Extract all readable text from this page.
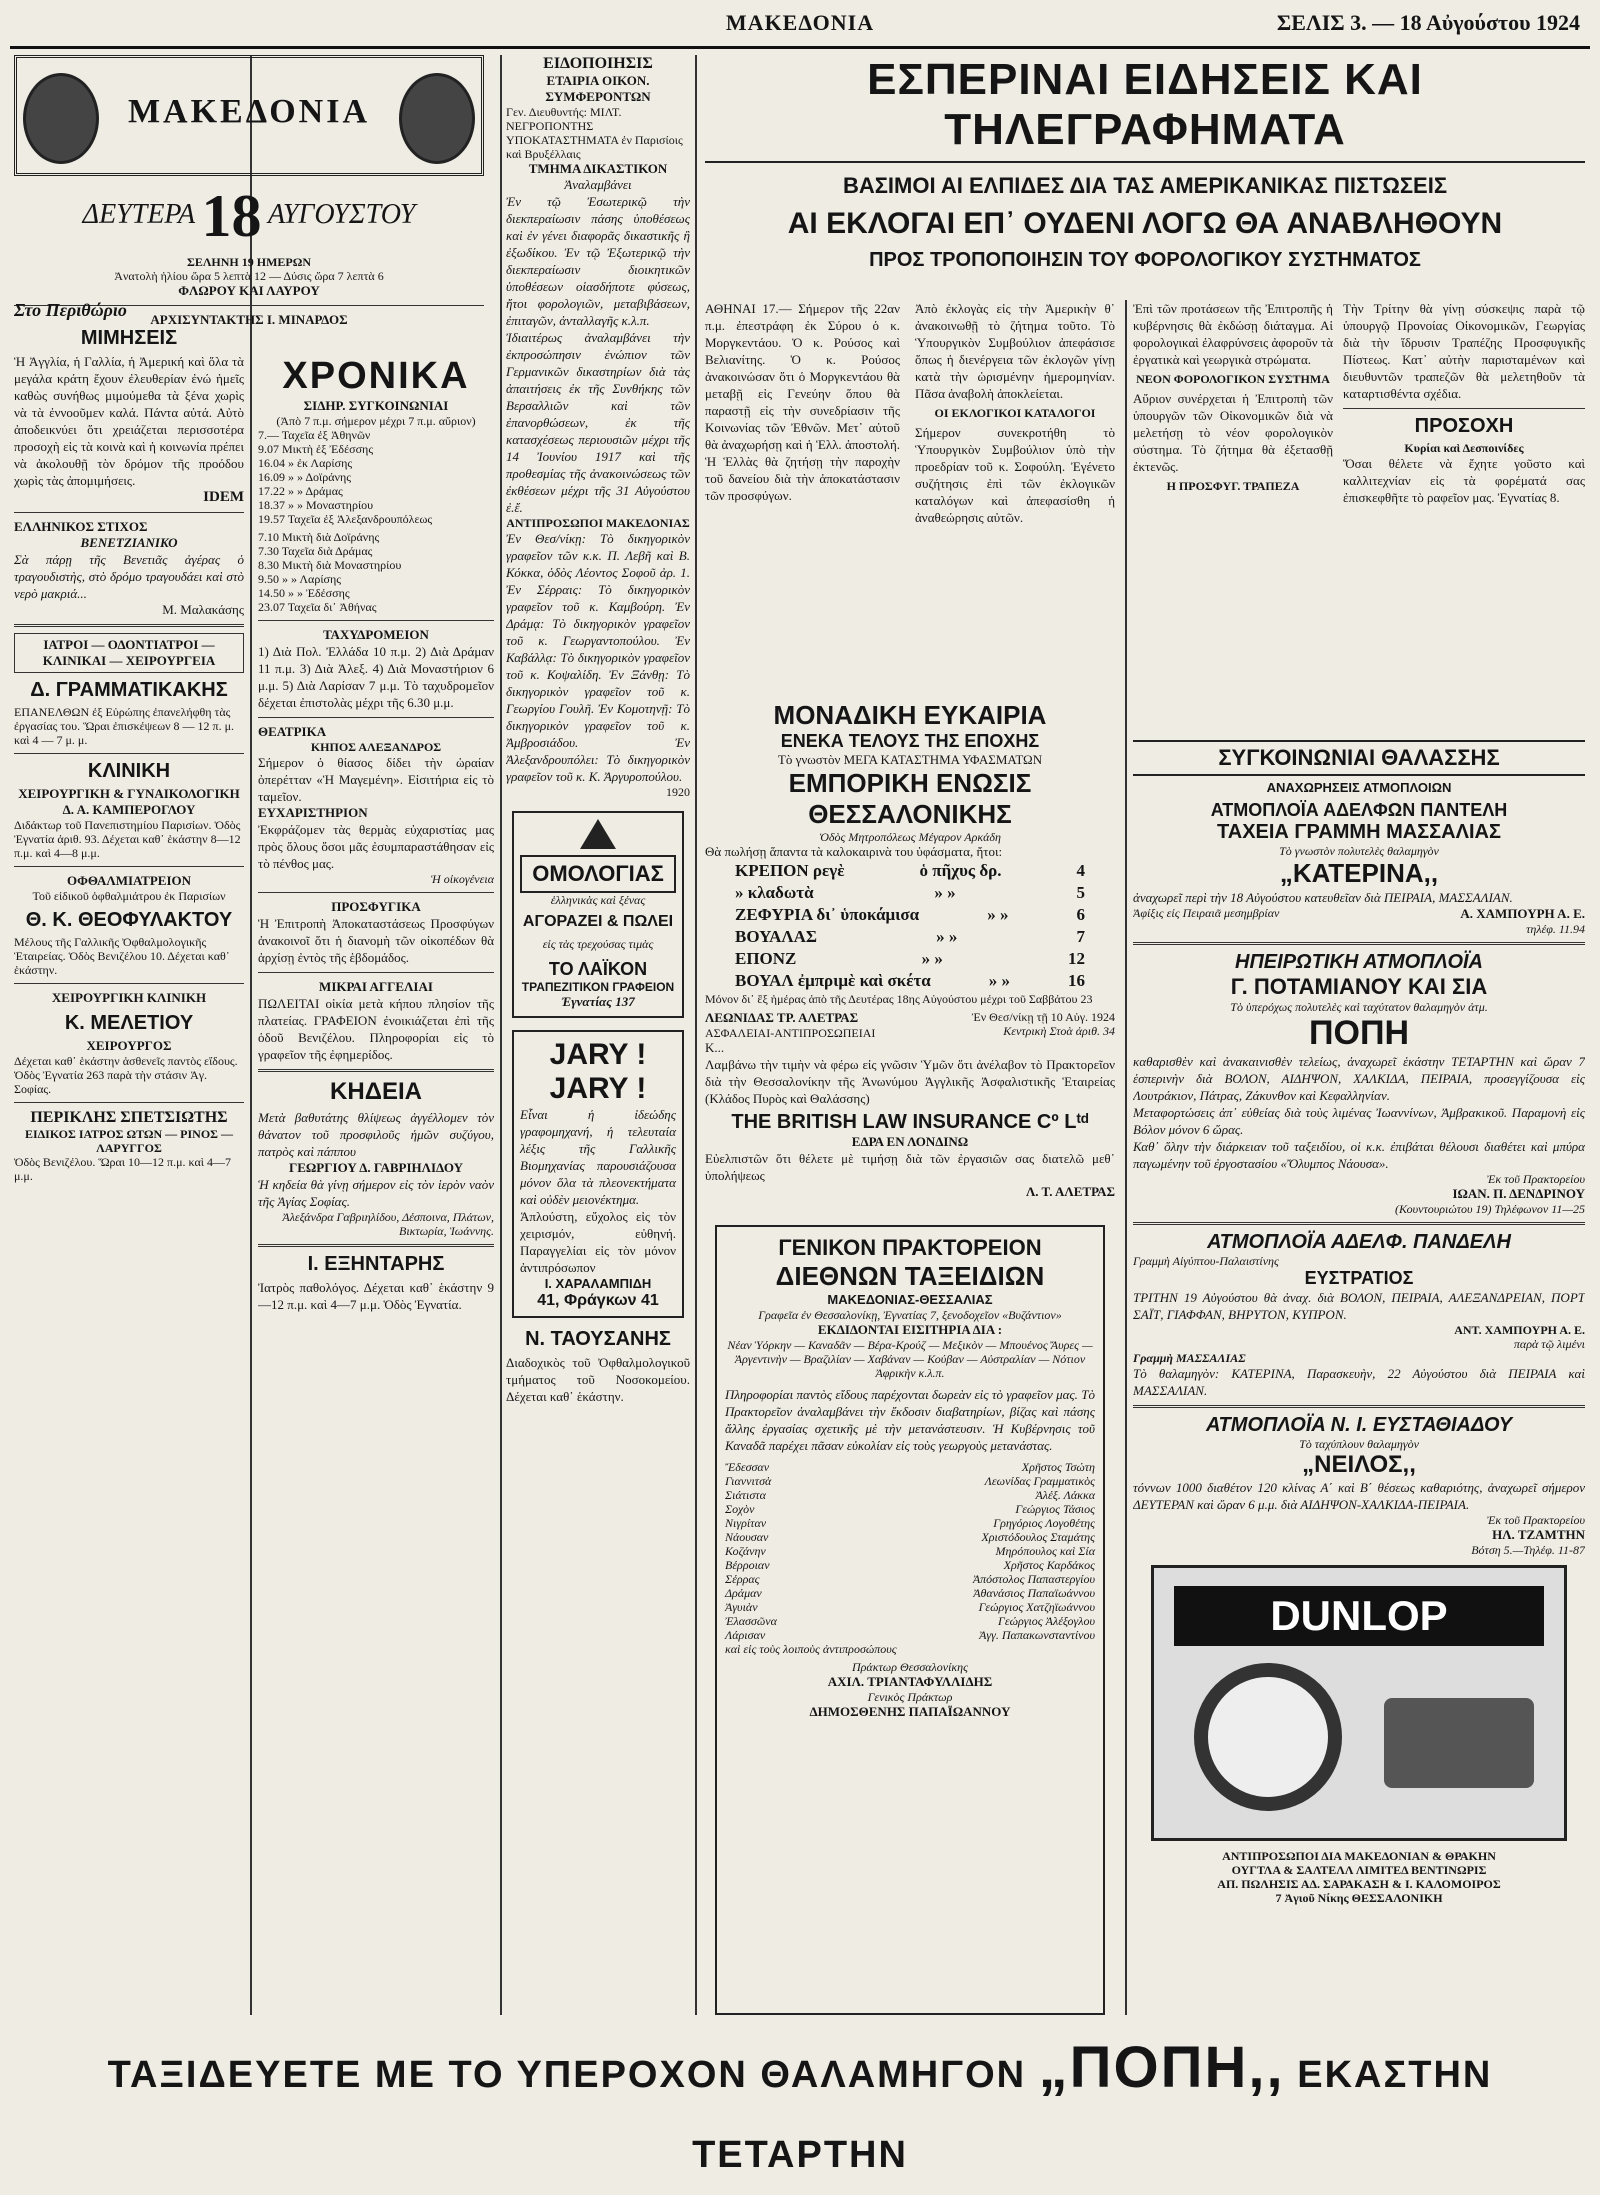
ΜΑΚΕΔΟΝΙΑ	ΣΕΛΙΣ 3. — 18 Αὐγούστου 1924
ΜΑΚΕΔΟΝΙΑ
ΔΕΥΤΕΡΑ 18 ΑΥΓΟΥΣΤΟΥ
ΣΕΛΗΝΗ 19 ΗΜΕΡΩΝ
Ἀνατολὴ ἡλίου ὥρα 5 λεπτὰ 12 — Δύσις ὥρα 7 λεπτὰ 6
ΦΛΩΡΟΥ ΚΑΙ ΛΑΥΡΟΥ
ΑΡΧΙΣΥΝΤΑΚΤΗΣ Ι. ΜΙΝΑΡΔΟΣ
Στο Περιθώριο
ΜΙΜΗΣΕΙΣ
Ἡ Ἀγγλία, ἡ Γαλλία, ἡ Ἀμερική καὶ ὅλα τὰ μεγάλα κράτη ἔχουν ἐλευθερίαν ἐνώ ἡμεῖς καθὼς συνήθως μιμούμεθα τὰ ξένα χωρὶς νὰ τὰ ἐννοοῦμεν καλά. Πάντα αὐτά. Αὐτὸ ἀποδεικνύει ὅτι χρειάζεται περισσοτέρα προσοχὴ εἰς τὰ κοινὰ καὶ ἡ κοινωνία πρέπει νὰ ἀκολουθῇ τὸν δρόμον τῆς προόδου χωρὶς τὰς ἀπομιμήσεις.
IDEM
ΕΛΛΗΝΙΚΟΣ ΣΤΙΧΟΣ
ΒΕΝΕΤΖΙΑΝΙΚΟ
Σὰ πάρῃ τῆς Βενετιᾶς ἀγέρας ὁ τραγουδιστὴς, στὸ δρόμο τραγουδάει καὶ στὸ νερὸ μακριά...
Μ. Μαλακάσης
ΙΑΤΡΟΙ — ΟΔΟΝΤΙΑΤΡΟΙ — ΚΛΙΝΙΚΑΙ — ΧΕΙΡΟΥΡΓΕΙΑ
Δ. ΓΡΑΜΜΑΤΙΚΑΚΗΣ
ΕΠΑΝΕΛΘΩΝ ἐξ Εὐρώπης ἐπανελήφθη τὰς ἐργασίας του. Ὥραι ἐπισκέψεων 8 — 12 π. μ. καὶ 4 — 7 μ. μ.
ΚΛΙΝΙΚΗ
ΧΕΙΡΟΥΡΓΙΚΗ & ΓΥΝΑΙΚΟΛΟΓΙΚΗ
Δ. Α. ΚΑΜΠΕΡΟΓΛΟΥ
Διδάκτωρ τοῦ Πανεπιστημίου Παρισίων. Ὁδὸς Ἐγνατία ἀριθ. 93. Δέχεται καθ᾿ ἑκάστην 8—12 π.μ. καὶ 4—8 μ.μ.
ΟΦΘΑΛΜΙΑΤΡΕΙΟΝ
Τοῦ εἰδικοῦ ὀφθαλμιάτρου ἐκ Παρισίων
Θ. Κ. ΘΕΟΦΥΛΑΚΤΟΥ
Μέλους τῆς Γαλλικῆς Ὀφθαλμολογικῆς Ἑταιρείας. Ὁδὸς Βενιζέλου 10. Δέχεται καθ᾿ ἑκάστην.
ΧΕΙΡΟΥΡΓΙΚΗ ΚΛΙΝΙΚΗ
Κ. ΜΕΛΕΤΙΟΥ
ΧΕΙΡΟΥΡΓΟΣ
Δέχεται καθ᾿ ἑκάστην ἀσθενεῖς παντὸς εἴδους. Ὁδὸς Ἐγνατία 263 παρὰ τὴν στάσιν Ἁγ. Σοφίας.
ΠΕΡΙΚΛΗΣ ΣΠΕΤΣΙΩΤΗΣ
ΕΙΔΙΚΟΣ ΙΑΤΡΟΣ ΩΤΩΝ — ΡΙΝΟΣ — ΛΑΡΥΓΓΟΣ
Ὁδὸς Βενιζέλου. Ὥραι 10—12 π.μ. καὶ 4—7 μ.μ.
ΧΡΟΝΙΚΑ
ΣΙΔΗΡ. ΣΥΓΚΟΙΝΩΝΙΑΙ
(Ἀπὸ 7 π.μ. σήμερον μέχρι 7 π.μ. αὔριον)
7.— Ταχεῖα ἐξ Ἀθηνῶν
9.07 Μικτὴ ἐξ Ἐδέσσης
16.04 » ἐκ Λαρίσης
16.09 » » Δοϊράνης
17.22 » » Δράμας
18.37 » » Μοναστηρίου
19.57 Ταχεῖα ἐξ Ἀλεξανδρουπόλεως
7.10 Μικτὴ διὰ Δοϊράνης
7.30 Ταχεῖα διὰ Δράμας
8.30 Μικτὴ διὰ Μοναστηρίου
9.50 » » Λαρίσης
14.50 » » Ἐδέσσης
23.07 Ταχεῖα δι᾿ Ἀθήνας
ΤΑΧΥΔΡΟΜΕΙΟΝ
1) Διὰ Πολ. Ἐλλάδα 10 π.μ. 2) Διὰ Δράμαν 11 π.μ. 3) Διὰ Ἀλεξ. 4) Διὰ Μοναστήριον 6 μ.μ. 5) Διὰ Λαρίσαν 7 μ.μ. Τὸ ταχυδρομεῖον δέχεται ἐπιστολὰς μέχρι τῆς 6.30 μ.μ.
ΘΕΑΤΡΙΚΑ
ΚΗΠΟΣ ΑΛΕΞΑΝΔΡΟΣ
Σήμερον ὁ θίασος δίδει τὴν ὡραίαν ὀπερέτταν «Ἡ Μαγεμένη». Εἰσιτήρια εἰς τὸ ταμεῖον.
ΕΥΧΑΡΙΣΤΗΡΙΟΝ
Ἐκφράζομεν τὰς θερμὰς εὐχαριστίας μας πρὸς ὅλους ὅσοι μᾶς ἐσυμπαραστάθησαν εἰς τὸ πένθος μας.
Ἡ οἰκογένεια
ΠΡΟΣΦΥΓΙΚΑ
Ἡ Ἐπιτροπὴ Ἀποκαταστάσεως Προσφύγων ἀνακοινοῖ ὅτι ἡ διανομὴ τῶν οἰκοπέδων θὰ ἀρχίσῃ ἐντὸς τῆς ἑβδομάδος.
ΜΙΚΡΑΙ ΑΓΓΕΛΙΑΙ
ΠΩΛΕΙΤΑΙ οἰκία μετὰ κήπου πλησίον τῆς πλατείας. ΓΡΑΦΕΙΟΝ ἐνοικιάζεται ἐπὶ τῆς ὁδοῦ Βενιζέλου. Πληροφορίαι εἰς τὸ γραφεῖον τῆς ἐφημερίδος.
ΚΗΔΕΙΑ
Μετὰ βαθυτάτης θλίψεως ἀγγέλλομεν τὸν θάνατον τοῦ προσφιλοῦς ἡμῶν συζύγου, πατρὸς καὶ πάππου
ΓΕΩΡΓΙΟΥ Δ. ΓΑΒΡΙΗΛΙΔΟΥ
Ἡ κηδεία θὰ γίνῃ σήμερον εἰς τὸν ἱερὸν ναὸν τῆς Ἁγίας Σοφίας.
Ἀλεξάνδρα Γαβριηλίδου, Δέσποινα, Πλάτων, Βικτωρία, Ἰωάννης.
Ι. ΕΞΗΝΤΑΡΗΣ
Ἰατρὸς παθολόγος. Δέχεται καθ᾿ ἑκάστην 9—12 π.μ. καὶ 4—7 μ.μ. Ὁδὸς Ἐγνατία.
ΕΙΔΟΠΟΙΗΣΙΣ
ΕΤΑΙΡΙΑ ΟΙΚΟΝ. ΣΥΜΦΕΡΟΝΤΩΝ
Γεν. Διευθυντής: ΜΙΛΤ. ΝΕΓΡΟΠΟΝΤΗΣ
ΥΠΟΚΑΤΑΣΤΗΜΑΤΑ ἐν Παρισίοις καὶ Βρυξέλλαις
ΤΜΗΜΑ ΔΙΚΑΣΤΙΚΟΝ
Ἀναλαμβάνει
Ἐν τῷ Ἐσωτερικῷ τὴν διεκπεραίωσιν πάσης ὑποθέσεως καὶ ἐν γένει διαφορᾶς δικαστικῆς ἢ ἐξωδίκου. Ἐν τῷ Ἐξωτερικῷ τὴν διεκπεραίωσιν διοικητικῶν ὑποθέσεων οἱασδήποτε φύσεως, ἤτοι φορολογιῶν, μεταβιβάσεων, ἐπιταγῶν, ἀνταλλαγῆς κ.λ.π.
Ἰδιαιτέρως ἀναλαμβάνει τὴν ἐκπροσώπησιν ἐνώπιον τῶν Γερμανικῶν δικαστηρίων διὰ τὰς ἀπαιτήσεις ἐκ τῆς Συνθήκης τῶν Βερσαλλιῶν καὶ τῶν ἐπανορθώσεων, ἐκ τῆς κατασχέσεως περιουσιῶν μέχρι τῆς 14 Ἰουνίου 1917 καὶ τῆς προθεσμίας τῆς ἀνακοινώσεως τῶν ἐκθέσεων μέχρι τῆς 31 Αὐγούστου ἐ.ἔ.
ΑΝΤΙΠΡΟΣΩΠΟΙ ΜΑΚΕΔΟΝΙΑΣ
Ἐν Θεσ/νίκῃ: Τὸ δικηγορικὸν γραφεῖον τῶν κ.κ. Π. Λεβῆ καὶ Β. Κόκκα, ὁδὸς Λέοντος Σοφοῦ ἀρ. 1. Ἐν Σέρραις: Τὸ δικηγορικὸν γραφεῖον τοῦ κ. Καμβούρη. Ἐν Δράμᾳ: Τὸ δικηγορικὸν γραφεῖον τοῦ κ. Γεωργαντοπούλου. Ἐν Καβάλλᾳ: Τὸ δικηγορικὸν γραφεῖον τοῦ κ. Κοψαλίδη. Ἐν Ξάνθῃ: Τὸ δικηγορικὸν γραφεῖον τοῦ κ. Γεωργίου Γουλῆ. Ἐν Κομοτηνῇ: Τὸ δικηγορικὸν γραφεῖον τοῦ κ. Ἀμβροσιάδου. Ἐν Ἀλεξανδρουπόλει: Τὸ δικηγορικὸν γραφεῖον τοῦ κ. Κ. Ἀργυροπούλου.
1920
ΟΜΟΛΟΓΙΑΣ
ἑλληνικὰς καὶ ξένας
ΑΓΟΡΑΖΕΙ & ΠΩΛΕΙ
εἰς τὰς τρεχούσας τιμὰς
ΤΟ ΛΑΪΚΟΝ
ΤΡΑΠΕΖΙΤΙΚΟΝ ΓΡΑΦΕΙΟΝ
Ἐγνατίας 137
JARY !
JARY !
Εἶναι ἡ ἰδεώδης γραφομηχανή, ἡ τελευταία λέξις τῆς Γαλλικῆς Βιομηχανίας παρουσιάζουσα μόνον ὅλα τὰ πλεονεκτήματα καὶ οὐδὲν μειονέκτημα.
Ἁπλούστη, εὔχολος εἰς τὸν χειρισμόν, εὐθηνή. Παραγγελίαι εἰς τὸν μόνον ἀντιπρόσωπον
Ι. ΧΑΡΑΛΑΜΠΙΔΗ
41, Φράγκων 41
Ν. ΤΑΟΥΣΑΝΗΣ
Διαδοχικὸς τοῦ Ὀφθαλμολογικοῦ τμήματος τοῦ Νοσοκομείου. Δέχεται καθ᾿ ἑκάστην.
ΕΣΠΕΡΙΝΑΙ ΕΙΔΗΣΕΙΣ ΚΑΙ ΤΗΛΕΓΡΑΦΗΜΑΤΑ
ΒΑΣΙΜΟΙ ΑΙ ΕΛΠΙΔΕΣ ΔΙΑ ΤΑΣ ΑΜΕΡΙΚΑΝΙΚΑΣ ΠΙΣΤΩΣΕΙΣ
ΑΙ ΕΚΛΟΓΑΙ ΕΠ᾿ ΟΥΔΕΝΙ ΛΟΓΩ ΘΑ ΑΝΑΒΛΗΘΟΥΝ
ΠΡΟΣ ΤΡΟΠΟΠΟΙΗΣΙΝ ΤΟΥ ΦΟΡΟΛΟΓΙΚΟΥ ΣΥΣΤΗΜΑΤΟΣ
ΑΘΗΝΑΙ 17.— Σήμερον τῆς 22αν π.μ. ἐπεστράφη ἐκ Σύρου ὁ κ. Μοργκεντάου. Ὁ κ. Ρούσος καὶ Βελιανίτης. Ὁ κ. Ρούσος ἀνακοινώσαν ὅτι ὁ Μοργκεντάου θὰ μεταβῇ εἰς Γενεύην ὅπου θὰ παραστῇ εἰς τὴν συνεδρίασιν τῆς Κοινωνίας τῶν Ἐθνῶν. Μετ᾿ αὐτοῦ θὰ ἀναχωρήσῃ καὶ ἡ Ἑλλ. ἀποστολή. Ἡ Ἑλλὰς θὰ ζητήσῃ τὴν παροχὴν τοῦ δανείου διὰ τὴν ἀποκατάστασιν τῶν προσφύγων.
Ἀπὸ ἐκλογὰς εἰς τὴν Ἀμερικὴν θ᾿ ἀνακοινωθῇ τὸ ζήτημα τοῦτο. Τὸ Ὑπουργικὸν Συμβούλιον ἀπεφάσισε ὅπως ἡ διενέργεια τῶν ἐκλογῶν γίνῃ κατὰ τὴν ὡρισμένην ἡμερομηνίαν. Πᾶσα ἀναβολὴ ἀποκλείεται.
ΟΙ ΕΚΛΟΓΙΚΟΙ ΚΑΤΑΛΟΓΟΙ
Σήμερον συνεκροτήθη τὸ Ὑπουργικὸν Συμβούλιον ὑπὸ τὴν προεδρίαν τοῦ κ. Σοφούλη. Ἐγένετο συζήτησις ἐπὶ τῶν ἐκλογικῶν καταλόγων καὶ ἀπεφασίσθη ἡ ἀναθεώρησις αὐτῶν.
Ἐπὶ τῶν προτάσεων τῆς Ἐπιτροπῆς ἡ κυβέρνησις θὰ ἐκδώσῃ διάταγμα. Αἱ φορολογικαὶ ἐλαφρύνσεις ἀφοροῦν τὰ ἐργατικὰ καὶ γεωργικὰ στρώματα.
ΝΕΟΝ ΦΟΡΟΛΟΓΙΚΟΝ ΣΥΣΤΗΜΑ
Αὔριον συνέρχεται ἡ Ἐπιτροπὴ τῶν ὑπουργῶν τῶν Οἰκονομικῶν διὰ νὰ μελετήσῃ τὸ νέον φορολογικὸν σύστημα. Τὸ ζήτημα θὰ ἐξετασθῇ ἐκτενῶς.
Η ΠΡΟΣΦΥΓ. ΤΡΑΠΕΖΑ
Τὴν Τρίτην θὰ γίνῃ σύσκεψις παρὰ τῷ ὑπουργῷ Προνοίας Οἰκονομικῶν, Γεωργίας διὰ τὴν ἵδρυσιν Τραπέζης Προσφυγικῆς Πίστεως. Κατ᾿ αὐτὴν παρισταμένων καὶ διευθυντῶν τραπεζῶν θὰ μελετηθοῦν τὰ καταρτισθέντα σχέδια.
ΠΡΟΣΟΧΗ
Κυρίαι καὶ Δεσποινίδες
Ὅσαι θέλετε νὰ ἔχητε γοῦστο καὶ καλλιτεχνίαν εἰς τὰ φορέματά σας ἐπισκεφθῆτε τὸ ραφεῖον μας. Ἐγνατίας 8.
ΜΟΝΑΔΙΚΗ ΕΥΚΑΙΡΙΑ
ΕΝΕΚΑ ΤΕΛΟΥΣ ΤΗΣ ΕΠΟΧΗΣ
Τὸ γνωστὸν ΜΕΓΑ ΚΑΤΑΣΤΗΜΑ ΥΦΑΣΜΑΤΩΝ
ΕΜΠΟΡΙΚΗ ΕΝΩΣΙΣ ΘΕΣΣΑΛΟΝΙΚΗΣ
Ὁδὸς Μητροπόλεως Μέγαρον Αρκάδη
Θὰ πωλήσῃ ἅπαντα τὰ καλοκαιρινὰ του ὑφάσματα, ἤτοι:
ΚΡΕΠΟΝ ρεγὲ	ὁ πῆχυς δρ.	4
» κλαδωτὰ	» »	5
ΖΕΦΥΡΙΑ δι᾿ ὑποκάμισα	» »	6
ΒΟΥΑΛΑΣ	» »	7
ΕΠΟΝΖ	» »	12
ΒΟΥΑΛ ἐμπριμὲ καὶ σκέτα	» »	16
Μόνον δι᾿ ἓξ ἡμέρας ἀπὸ τῆς Δευτέρας 18ης Αὐγούστου μέχρι τοῦ Σαββάτου 23
ΛΕΩΝΙΔΑΣ ΤΡ. ΑΛΕΤΡΑΣ
ΑΣΦΑΛΕΙΑΙ-ΑΝΤΙΠΡΟΣΩΠΕΙΑΙ
Ἐν Θεσ/νίκῃ τῇ 10 Αὐγ. 1924
Κεντρικὴ Στοὰ ἀριθ. 34
Κ...
Λαμβάνω τὴν τιμὴν νὰ φέρω εἰς γνῶσιν Ὑμῶν ὅτι ἀνέλαβον τὸ Πρακτορεῖον διὰ τὴν Θεσσαλονίκην τῆς Ἀνωνύμου Ἀγγλικῆς Ἀσφαλιστικῆς Ἑταιρείας (Κλάδος Πυρὸς καὶ Θαλάσσης)
THE BRITISH LAW INSURANCE Cº Lᵗᵈ
ΕΔΡΑ ΕΝ ΛΟΝΔΙΝΩ
Εὐελπιστῶν ὅτι θέλετε μὲ τιμήσῃ διὰ τῶν ἐργασιῶν σας διατελῶ μεθ᾿ ὑπολήψεως
Λ. Τ. ΑΛΕΤΡΑΣ
ΓΕΝΙΚΟΝ ΠΡΑΚΤΟΡΕΙΟΝ
ΔΙΕΘΝΩΝ ΤΑΞΕΙΔΙΩΝ
ΜΑΚΕΔΟΝΙΑΣ-ΘΕΣΣΑΛΙΑΣ
Γραφεῖα ἐν Θεσσαλονίκῃ, Ἐγνατίας 7, ξενοδοχεῖον «Βυζάντιον»
ΕΚΔΙΔΟΝΤΑΙ ΕΙΣΙΤΗΡΙΑ ΔΙΑ :
Νέαν Ὑόρκην — Καναδᾶν — Βέρα-Κρούζ — Μεξικὸν — Μπουένος Ἄυρες — Ἀργεντινὴν — Βραζιλίαν — Χαβάναν — Κούβαν — Αὐστραλίαν — Νότιον Ἀφρικὴν κ.λ.π.
Πληροφορίαι παντὸς εἴδους παρέχονται δωρεὰν εἰς τὸ γραφεῖον μας. Τὸ Πρακτορεῖον ἀναλαμβάνει τὴν ἔκδοσιν διαβατηρίων, βίζας καὶ πάσης ἄλλης ἐργασίας σχετικῆς μὲ τὴν μετανάστευσιν. Ἡ Κυβέρνησις τοῦ Καναδᾶ παρέχει πᾶσαν εὐκολίαν εἰς τοὺς γεωργοὺς μετανάστας.
Ἔδεσσαν	Χρῆστος Τσώτη
Γιαννιτσὰ	Λεωνίδας Γραμματικὸς
Σιάτιστα	Ἀλέξ. Λάκκα
Σοχὸν	Γεώργιος Τάσιος
Νιγρίταν	Γρηγόριος Λογοθέτης
Νάουσαν	Χριστόδουλος Σταμάτης
Κοζάνην	Μηρόπουλος καὶ Σία
Βέρροιαν	Χρῆστος Καρδάκος
Σέρρας	Ἀπόστολος Παπαστεργίου
Δράμαν	Ἀθανάσιος Παπαϊωάννου
Ἀγυιὰν	Γεώργιος Χατζηϊωάννου
Ἐλασσῶνα	Γεώργιος Ἀλέξογλου
Λάρισαν	Ἀγγ. Παπακωνσταντίνου
καὶ εἰς τοὺς λοιποὺς ἀντιπροσώπους
Πράκτωρ Θεσσαλονίκης
ΑΧΙΛ. ΤΡΙΑΝΤΑΦΥΛΛΙΔΗΣ
Γενικὸς Πράκτωρ
ΔΗΜΟΣΘΕΝΗΣ ΠΑΠΑΪΩΑΝΝΟΥ
ΣΥΓΚΟΙΝΩΝΙΑΙ ΘΑΛΑΣΣΗΣ
ΑΝΑΧΩΡΗΣΕΙΣ ΑΤΜΟΠΛΟΙΩΝ
ΑΤΜΟΠΛΟΪΑ ΑΔΕΛΦΩΝ ΠΑΝΤΕΛΗ
ΤΑΧΕΙΑ ΓΡΑΜΜΗ ΜΑΣΣΑΛΙΑΣ
Τὸ γνωστὸν πολυτελὲς θαλαμηγὸν
„ΚΑΤΕΡΙΝΑ,,
ἀναχωρεῖ περὶ τὴν 18 Αὐγούστου κατευθεῖαν διὰ ΠΕΙΡΑΙΑ, ΜΑΣΣΑΛΙΑΝ.
Ἀφίξις εἰς Πειραιᾶ μεσημβρίαν	Α. ΧΑΜΠΟΥΡΗ Α. Ε.
τηλέφ. 11.94
ΗΠΕΙΡΩΤΙΚΗ ΑΤΜΟΠΛΟΪΑ
Γ. ΠΟΤΑΜΙΑΝΟΥ ΚΑΙ ΣΙΑ
Τὸ ὑπερόχως πολυτελὲς καὶ ταχύτατον θαλαμηγὸν ἀτμ.
ΠΟΠΗ
καθαρισθὲν καὶ ἀνακαινισθὲν τελείως, ἀναχωρεῖ ἑκάστην ΤΕΤΑΡΤΗΝ καὶ ὥραν 7 ἑσπερινὴν διὰ ΒΟΛΟΝ, ΑΙΔΗΨΟΝ, ΧΑΛΚΙΔΑ, ΠΕΙΡΑΙΑ, προσεγγίζουσα εἰς Λουτράκιον, Πάτρας, Ζάκυνθον καὶ Κεφαλληνίαν.
Μεταφορτώσεις ἀπ᾿ εὐθείας διὰ τοὺς λιμένας Ἰωαννίνων, Ἀμβρακικοῦ. Παραμονὴ εἰς Βόλον μόνον 6 ὥρας.
Καθ᾿ ὅλην τὴν διάρκειαν τοῦ ταξειδίου, οἱ κ.κ. ἐπιβάται θέλουσι διαθέτει καὶ μπύρα παγωμένην τοῦ ἐργοστασίου «Ὄλυμπος Νάουσα».
Ἐκ τοῦ Πρακτορείου
ΙΩΑΝ. Π. ΔΕΝΔΡΙΝΟΥ
(Κουντουριώτου 19) Τηλέφωνον 11—25
ΑΤΜΟΠΛΟΪΑ ΑΔΕΛΦ. ΠΑΝΔΕΛΗ
Γραμμὴ Αἰγύπτου-Παλαιστίνης
ΕΥΣΤΡΑΤΙΟΣ
ΤΡΙΤΗΝ 19 Αὐγούστου θὰ ἀναχ. διὰ ΒΟΛΟΝ, ΠΕΙΡΑΙΑ, ΑΛΕΞΑΝΔΡΕΙΑΝ, ΠΟΡΤ ΣΑΪΤ, ΓΙΑΦΦΑΝ, ΒΗΡΥΤΟΝ, ΚΥΠΡΟΝ.
ΑΝΤ. ΧΑΜΠΟΥΡΗ Α. Ε.
παρὰ τῷ λιμένι
Γραμμὴ ΜΑΣΣΑΛΙΑΣ
Τὸ θαλαμηγὸν: ΚΑΤΕΡΙΝΑ, Παρασκευὴν, 22 Αὐγούστου διὰ ΠΕΙΡΑΙΑ καὶ ΜΑΣΣΑΛΙΑΝ.
ΑΤΜΟΠΛΟΪΑ Ν. Ι. ΕΥΣΤΑΘΙΑΔΟΥ
Τὸ ταχύπλουν θαλαμηγὸν
„ΝΕΙΛΟΣ,,
τόννων 1000 διαθέτον 120 κλίνας Α΄ καὶ Β΄ θέσεως καθαριότης, ἀναχωρεῖ σήμερον ΔΕΥΤΕΡΑΝ καὶ ὥραν 6 μ.μ. διὰ ΑΙΔΗΨΟΝ-ΧΑΛΚΙΔΑ-ΠΕΙΡΑΙΑ.
Ἐκ τοῦ Πρακτορείου
ΗΛ. ΤΖΑΜΤΗΝ
Βότση 5.—Τηλέφ. 11-87
DUNLOP
ΑΝΤΙΠΡΟΣΩΠΟΙ ΔΙΑ ΜΑΚΕΔΟΝΙΑΝ & ΘΡΑΚΗΝ
ΟΥΓΤΛΑ & ΣΑΛΤΕΛΛ ΛΙΜΙΤΕΔ ΒΕΝΤΙΝΩΡΙΣ
ΑΠ. ΠΩΛΗΣΙΣ ΑΔ. ΣΑΡΑΚΑΣΗ & Ι. ΚΑΛΟΜΟΙΡΟΣ
7 Ἀγιοῦ Νίκης ΘΕΣΣΑΛΟΝΙΚΗ
ΤΑΞΙΔΕΥΕΤΕ ΜΕ ΤΟ ΥΠΕΡΟΧΟΝ ΘΑΛΑΜΗΓΟΝ „ΠΟΠΗ,, ΕΚΑΣΤΗΝ ΤΕΤΑΡΤΗΝ
